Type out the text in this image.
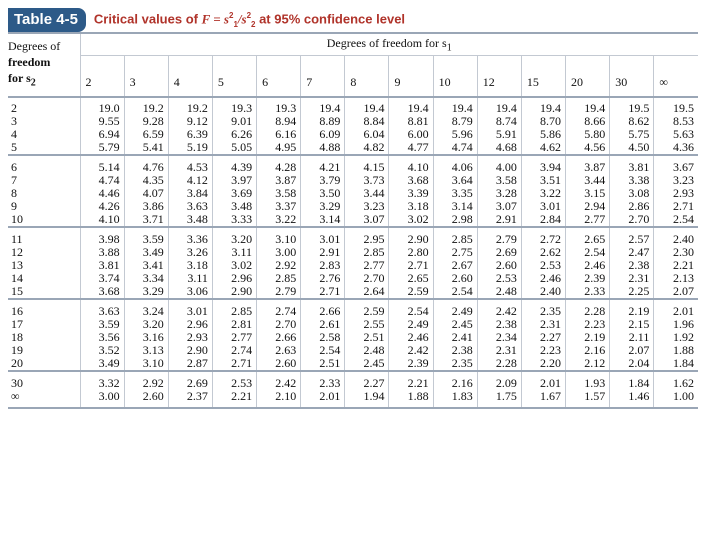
Table 4-5	Critical values of $F = s^2_1/s^2_2$ at 95% confidence level
Degrees of
freedom
for $s_2$	Degrees of freedom for $s_1$
	2	3	4	5	6	7	8	9	10	12	15	20	30	∞
2	19.0	19.2	19.2	19.3	19.3	19.4	19.4	19.4	19.4	19.4	19.4	19.4	19.5	19.5
3	9.55	9.28	9.12	9.01	8.94	8.89	8.84	8.81	8.79	8.74	8.70	8.66	8.62	8.53
4	6.94	6.59	6.39	6.26	6.16	6.09	6.04	6.00	5.96	5.91	5.86	5.80	5.75	5.63
5	5.79	5.41	5.19	5.05	4.95	4.88	4.82	4.77	4.74	4.68	4.62	4.56	4.50	4.36
6	5.14	4.76	4.53	4.39	4.28	4.21	4.15	4.10	4.06	4.00	3.94	3.87	3.81	3.67
7	4.74	4.35	4.12	3.97	3.87	3.79	3.73	3.68	3.64	3.58	3.51	3.44	3.38	3.23
8	4.46	4.07	3.84	3.69	3.58	3.50	3.44	3.39	3.35	3.28	3.22	3.15	3.08	2.93
9	4.26	3.86	3.63	3.48	3.37	3.29	3.23	3.18	3.14	3.07	3.01	2.94	2.86	2.71
10	4.10	3.71	3.48	3.33	3.22	3.14	3.07	3.02	2.98	2.91	2.84	2.77	2.70	2.54
11	3.98	3.59	3.36	3.20	3.10	3.01	2.95	2.90	2.85	2.79	2.72	2.65	2.57	2.40
12	3.88	3.49	3.26	3.11	3.00	2.91	2.85	2.80	2.75	2.69	2.62	2.54	2.47	2.30
13	3.81	3.41	3.18	3.02	2.92	2.83	2.77	2.71	2.67	2.60	2.53	2.46	2.38	2.21
14	3.74	3.34	3.11	2.96	2.85	2.76	2.70	2.65	2.60	2.53	2.46	2.39	2.31	2.13
15	3.68	3.29	3.06	2.90	2.79	2.71	2.64	2.59	2.54	2.48	2.40	2.33	2.25	2.07
16	3.63	3.24	3.01	2.85	2.74	2.66	2.59	2.54	2.49	2.42	2.35	2.28	2.19	2.01
17	3.59	3.20	2.96	2.81	2.70	2.61	2.55	2.49	2.45	2.38	2.31	2.23	2.15	1.96
18	3.56	3.16	2.93	2.77	2.66	2.58	2.51	2.46	2.41	2.34	2.27	2.19	2.11	1.92
19	3.52	3.13	2.90	2.74	2.63	2.54	2.48	2.42	2.38	2.31	2.23	2.16	2.07	1.88
20	3.49	3.10	2.87	2.71	2.60	2.51	2.45	2.39	2.35	2.28	2.20	2.12	2.04	1.84
30	3.32	2.92	2.69	2.53	2.42	2.33	2.27	2.21	2.16	2.09	2.01	1.93	1.84	1.62
∞	3.00	2.60	2.37	2.21	2.10	2.01	1.94	1.88	1.83	1.75	1.67	1.57	1.46	1.00
